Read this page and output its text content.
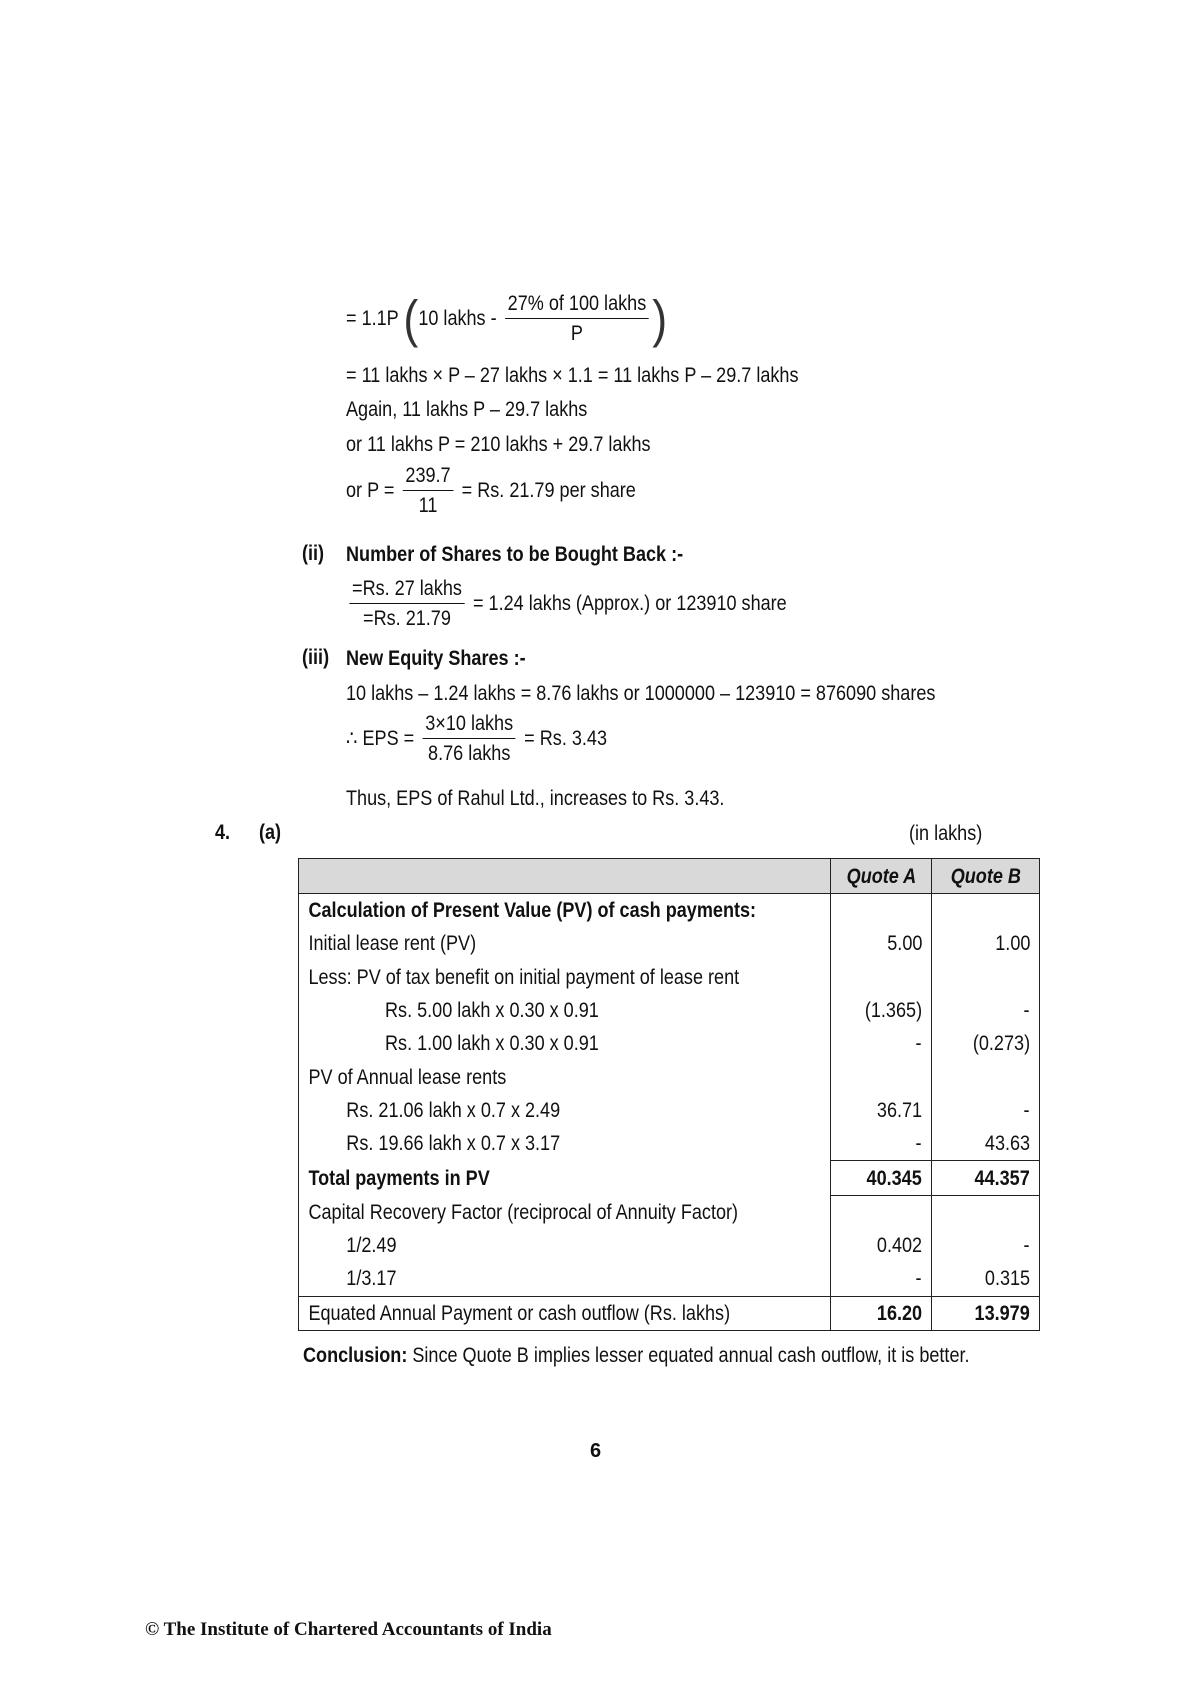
= 1.1P (10 lakhs - $\frac{\text{27\% of 100 lakhs}}{P}$ )
= 11 lakhs × P – 27 lakhs × 1.1 = 11 lakhs P – 29.7 lakhs
Again, 11 lakhs P – 29.7 lakhs
or 11 lakhs P = 210 lakhs + 29.7 lakhs
or $P = \frac{239.7}{11} = Rs$. 21.79 per share
(ii) Number of Shares to be Bought Back :-
$\frac{\text{=Rs. 27 lakhs}}{=Rs. 21.79} = 1.24$ lakhs (Approx.) or 123910 share
(iii) New Equity Shares :-
10 lakhs – 1.24 lakhs = 8.76 lakhs or 1000000 – 123910 = 876090 shares
∴ EPS = $\frac{\text{3×10 lakhs}}{\text{8.76 lakhs}} = Rs$. 3.43
Thus, EPS of Rahul Ltd., increases to Rs. 3.43.
4. (a)	(in lakhs)
	Quote A	Quote B
Calculation of Present Value (PV) of cash payments:		
Initial lease rent (PV)	5.00	1.00
Less: PV of tax benefit on initial payment of lease rent		
Rs. 5.00 lakh x 0.30 x 0.91	(1.365)	-
Rs. 1.00 lakh x 0.30 x 0.91	-	(0.273)
PV of Annual lease rents		
Rs. 21.06 lakh x 0.7 x 2.49	36.71	-
Rs. 19.66 lakh x 0.7 x 3.17	-	43.63
Total payments in PV	40.345	44.357
Capital Recovery Factor (reciprocal of Annuity Factor)		
1/2.49	0.402	-
1/3.17	-	0.315
Equated Annual Payment or cash outflow (Rs. lakhs)	16.20	13.979
Conclusion: Since Quote B implies lesser equated annual cash outflow, it is better.
6
© The Institute of Chartered Accountants of India
